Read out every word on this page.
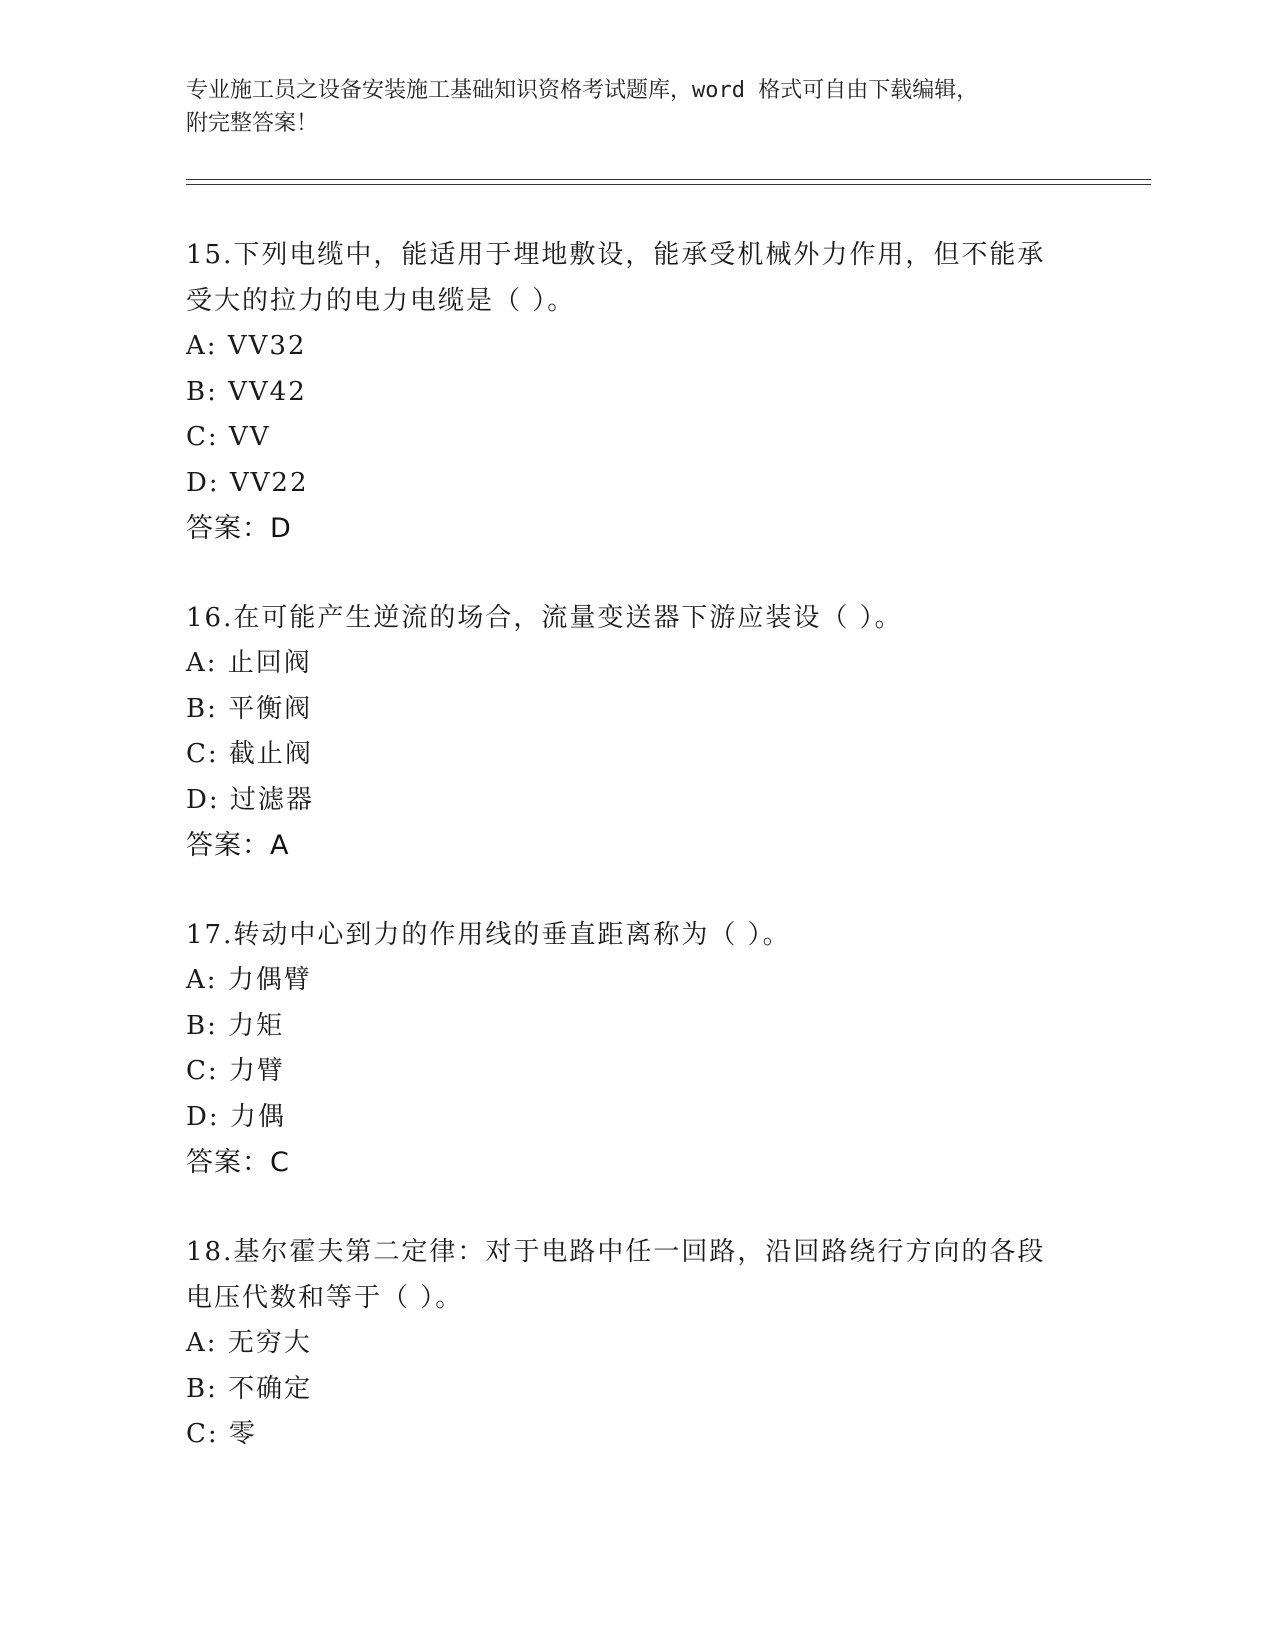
专业施工员之设备安装施工基础知识资格考试题库，word 格式可自由下载编辑，
附完整答案！
15.下列电缆中，能适用于埋地敷设，能承受机械外力作用，但不能承
受大的拉力的电力电缆是（ ）。
A: VV32
B: VV42
C: VV
D: VV22
答案：D
16.在可能产生逆流的场合，流量变送器下游应装设（ ）。
A: 止回阀
B: 平衡阀
C: 截止阀
D: 过滤器
答案：A
17.转动中心到力的作用线的垂直距离称为（ ）。
A: 力偶臂
B: 力矩
C: 力臂
D: 力偶
答案：C
18.基尔霍夫第二定律：对于电路中任一回路，沿回路绕行方向的各段
电压代数和等于（ ）。
A: 无穷大
B: 不确定
C: 零
